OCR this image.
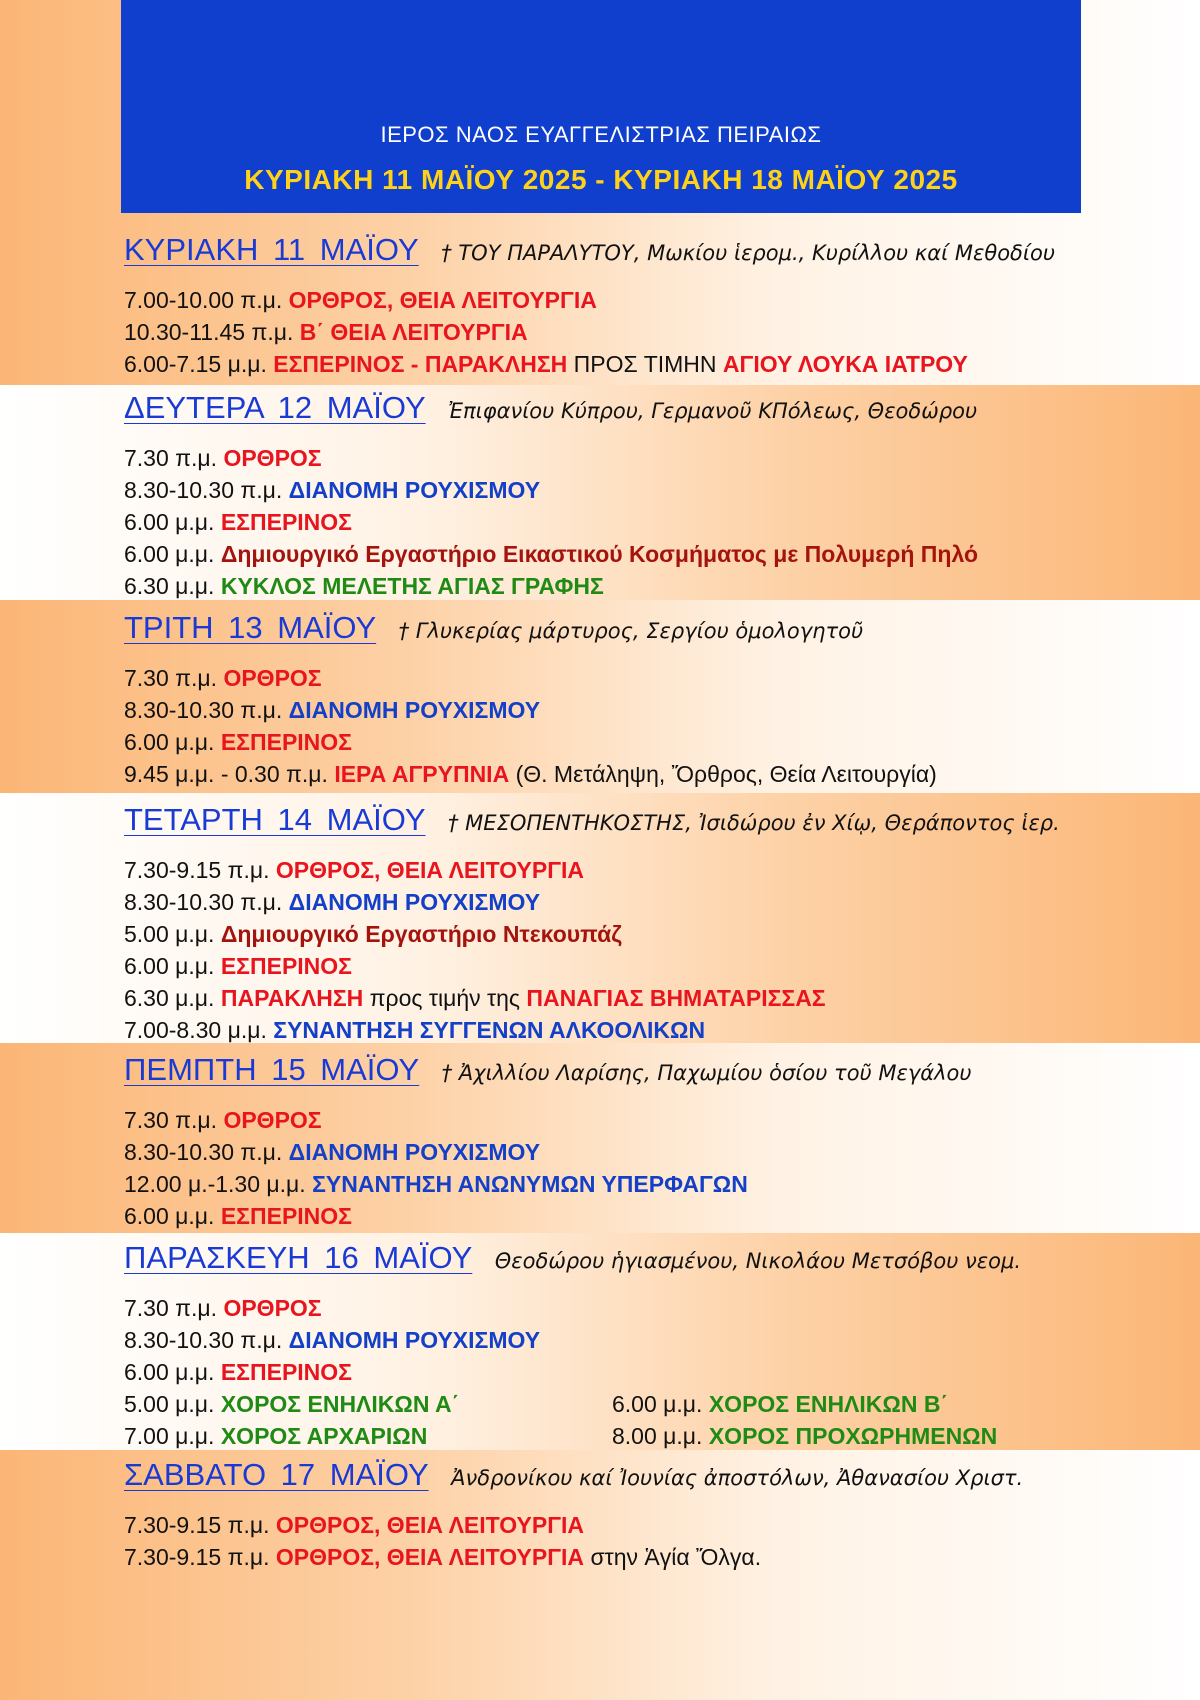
ΙΕΡΟΣ ΝΑΟΣ ΕΥΑΓΓΕΛΙΣΤΡΙΑΣ ΠΕΙΡΑΙΩΣ
ΚΥΡΙΑΚΗ 11 ΜΑΪΟΥ 2025 - ΚΥΡΙΑΚΗ 18 ΜΑΪΟΥ 2025
ΚΥΡΙΑΚΗ 11 ΜΑΪΟΥ † ΤΟΥ ΠΑΡΑΛΥΤΟΥ, Μωκίου ἱερομ., Κυρίλλου καί Μεθοδίου
7.00-10.00 π.μ. ΟΡΘΡΟΣ, ΘΕΙΑ ΛΕΙΤΟΥΡΓΙΑ
10.30-11.45 π.μ. Β΄ ΘΕΙΑ ΛΕΙΤΟΥΡΓΙΑ
6.00-7.15 μ.μ. ΕΣΠΕΡΙΝΟΣ - ΠΑΡΑΚΛΗΣΗ ΠΡΟΣ ΤΙΜΗΝ ΑΓΙΟΥ ΛΟΥΚΑ ΙΑΤΡΟΥ
ΔΕΥΤΕΡΑ 12 ΜΑΪΟΥ Ἐπιφανίου Κύπρου, Γερμανοῦ ΚΠόλεως, Θεοδώρου
7.30 π.μ. ΟΡΘΡΟΣ
8.30-10.30 π.μ. ΔΙΑΝΟΜΗ ΡΟΥΧΙΣΜΟΥ
6.00 μ.μ. ΕΣΠΕΡΙΝΟΣ
6.00 μ.μ. Δημιουργικό Εργαστήριο Εικαστικού Κοσμήματος με Πολυμερή Πηλό
6.30 μ.μ. ΚΥΚΛΟΣ ΜΕΛΕΤΗΣ ΑΓΙΑΣ ΓΡΑΦΗΣ
ΤΡΙΤΗ 13 ΜΑΪΟΥ † Γλυκερίας μάρτυρος, Σεργίου ὁμολογητοῦ
7.30 π.μ. ΟΡΘΡΟΣ
8.30-10.30 π.μ. ΔΙΑΝΟΜΗ ΡΟΥΧΙΣΜΟΥ
6.00 μ.μ. ΕΣΠΕΡΙΝΟΣ
9.45 μ.μ. - 0.30 π.μ. ΙΕΡΑ ΑΓΡΥΠΝΙΑ (Θ. Μετάληψη, Ὄρθρος, Θεία Λειτουργία)
ΤΕΤΑΡΤΗ 14 ΜΑΪΟΥ † ΜΕΣΟΠΕΝΤΗΚΟΣΤΗΣ, Ἰσιδώρου ἐν Χίῳ, Θεράποντος ἱερ.
7.30-9.15 π.μ. ΟΡΘΡΟΣ, ΘΕΙΑ ΛΕΙΤΟΥΡΓΙΑ
8.30-10.30 π.μ. ΔΙΑΝΟΜΗ ΡΟΥΧΙΣΜΟΥ
5.00 μ.μ. Δημιουργικό Εργαστήριο Ντεκουπάζ
6.00 μ.μ. ΕΣΠΕΡΙΝΟΣ
6.30 μ.μ. ΠΑΡΑΚΛΗΣΗ προς τιμήν της ΠΑΝΑΓΙΑΣ ΒΗΜΑΤΑΡΙΣΣΑΣ
7.00-8.30 μ.μ. ΣΥΝΑΝΤΗΣΗ ΣΥΓΓΕΝΩΝ ΑΛΚΟΟΛΙΚΩΝ
ΠΕΜΠΤΗ 15 ΜΑΪΟΥ † Ἀχιλλίου Λαρίσης, Παχωμίου ὁσίου τοῦ Μεγάλου
7.30 π.μ. ΟΡΘΡΟΣ
8.30-10.30 π.μ. ΔΙΑΝΟΜΗ ΡΟΥΧΙΣΜΟΥ
12.00 μ.-1.30 μ.μ. ΣΥΝΑΝΤΗΣΗ ΑΝΩΝΥΜΩΝ ΥΠΕΡΦΑΓΩΝ
6.00 μ.μ. ΕΣΠΕΡΙΝΟΣ
ΠΑΡΑΣΚΕΥΗ 16 ΜΑΪΟΥ Θεοδώρου ἡγιασμένου, Νικολάου Μετσόβου νεομ.
7.30 π.μ. ΟΡΘΡΟΣ
8.30-10.30 π.μ. ΔΙΑΝΟΜΗ ΡΟΥΧΙΣΜΟΥ
6.00 μ.μ. ΕΣΠΕΡΙΝΟΣ
5.00 μ.μ. ΧΟΡΟΣ ΕΝΗΛΙΚΩΝ Α΄	6.00 μ.μ. ΧΟΡΟΣ ΕΝΗΛΙΚΩΝ Β΄
7.00 μ.μ. ΧΟΡΟΣ ΑΡΧΑΡΙΩΝ	8.00 μ.μ. ΧΟΡΟΣ ΠΡΟΧΩΡΗΜΕΝΩΝ
ΣΑΒΒΑΤΟ 17 ΜΑΪΟΥ Ἀνδρονίκου καί Ἰουνίας ἀποστόλων, Ἀθανασίου Χριστ.
7.30-9.15 π.μ. ΟΡΘΡΟΣ, ΘΕΙΑ ΛΕΙΤΟΥΡΓΙΑ
7.30-9.15 π.μ. ΟΡΘΡΟΣ, ΘΕΙΑ ΛΕΙΤΟΥΡΓΙΑ στην Ἁγία Ὄλγα.
